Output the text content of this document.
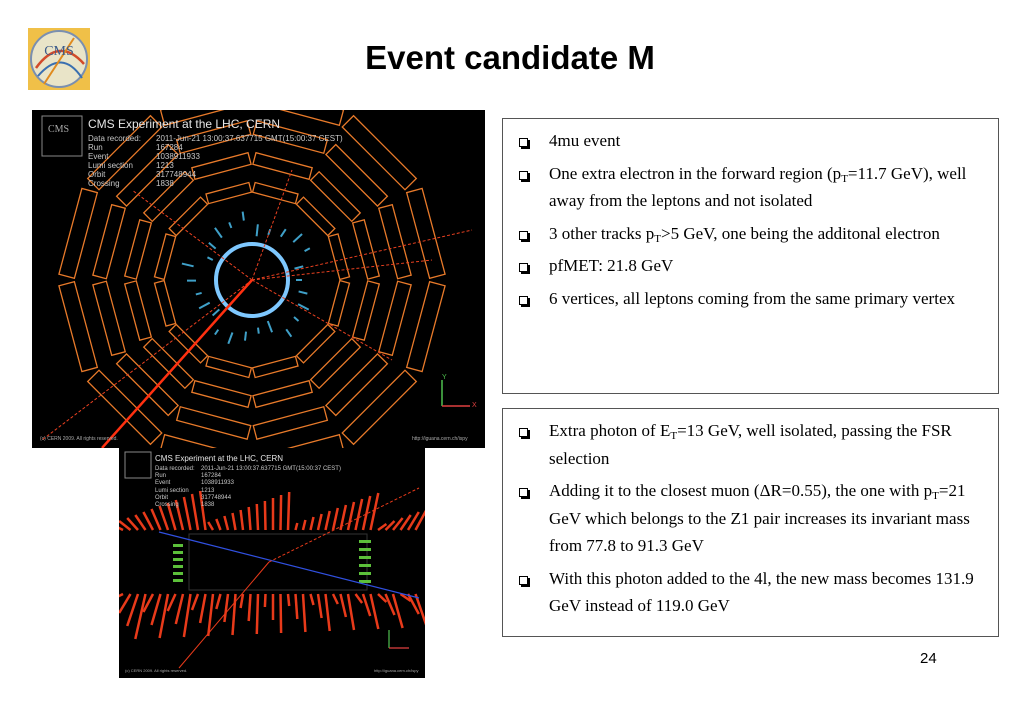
CMS	Event candidate M
CMS CMS Experiment at the LHC, CERN
Data recorded:	2011-Jun-21 13:00:37.637715 GMT(15:00:37 CEST)
Run	167284
Event	1038911933
Lumi section	1213
Orbit	317748944
Crossing	1838
(c) CERN 2009. All rights reserved.	http://iguana.cern.ch/ispy
Y
X
CMS Experiment at the LHC, CERN
Data recorded:	2011-Jun-21 13:00:37.637715 GMT(15:00:37 CEST)
Run	167284
Event	1038911933
Lumi section	1213
Orbit	317748944
Crossing	1838
(c) CERN 2009. All rights reserved.	http://iguana.cern.ch/ispy
4mu event
One extra electron in the forward region ($p_T=11.7$ GeV), well away from the leptons and not isolated
3 other tracks $p_T>5$ GeV, one being the additonal electron
pfMET: 21.8 GeV
6 vertices, all leptons coming from the same primary vertex
Extra photon of $E_T=13$ GeV, well isolated, passing the FSR selection
Adding it to the closest muon (ΔR=0.55), the one with $p_T=21$ GeV which belongs to the Z1 pair increases its invariant mass from 77.8 to 91.3 GeV
With this photon added to the 4l, the new mass becomes 131.9 GeV instead of 119.0 GeV
24
